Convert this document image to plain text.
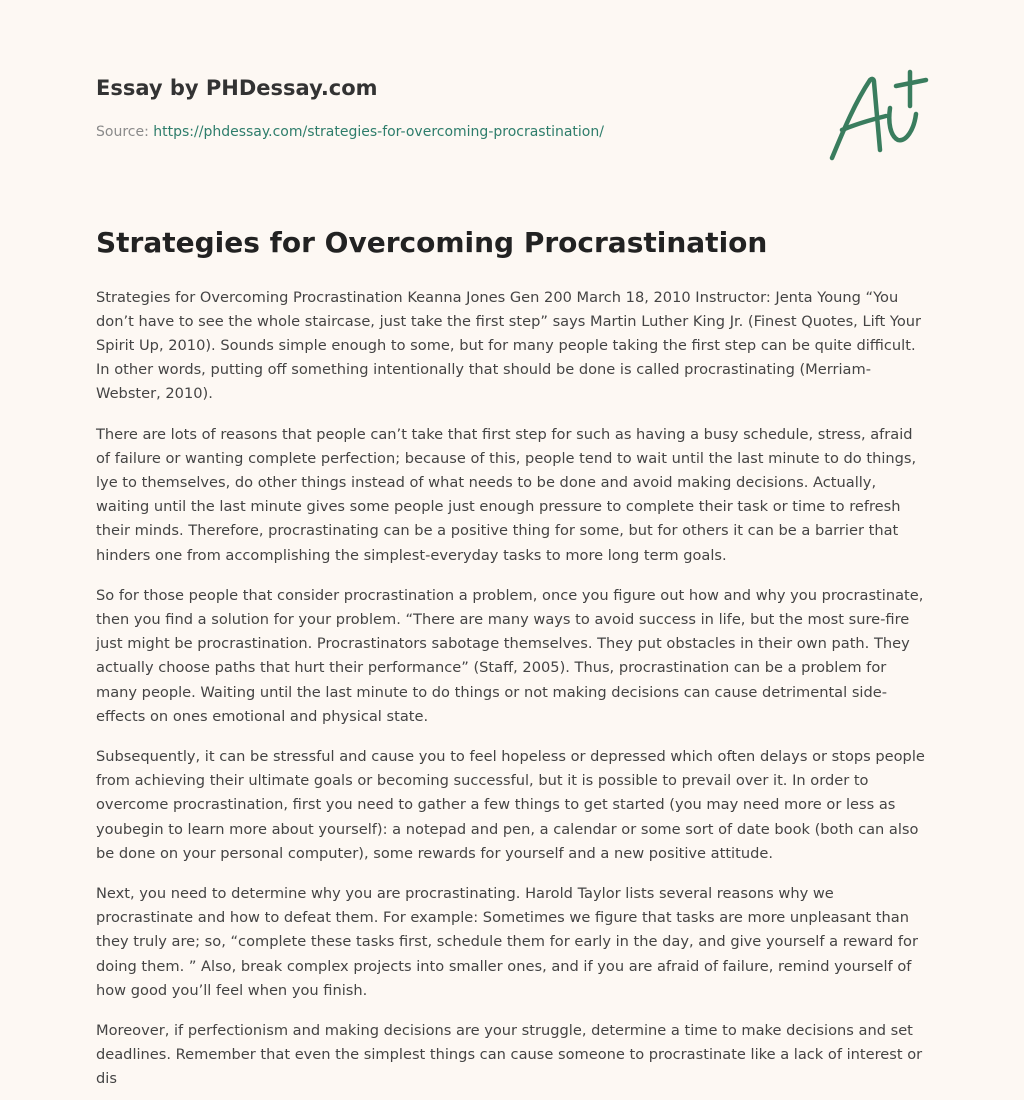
Essay by PHDessay.com
Source: https://phdessay.com/strategies-for-overcoming-procrastination/
Strategies for Overcoming Procrastination

Strategies for Overcoming Procrastination Keanna Jones Gen 200 March 18, 2010 Instructor: Jenta Young “You don’t have to see the whole staircase, just take the first step” says Martin Luther King Jr. (Finest Quotes, Lift Your Spirit Up, 2010). Sounds simple enough to some, but for many people taking the first step can be quite difficult. In other words, putting off something intentionally that should be done is called procrastinating (Merriam-Webster, 2010).

There are lots of reasons that people can’t take that first step for such as having a busy schedule, stress, afraid of failure or wanting complete perfection; because of this, people tend to wait until the last minute to do things, lye to themselves, do other things instead of what needs to be done and avoid making decisions. Actually, waiting until the last minute gives some people just enough pressure to complete their task or time to refresh their minds. Therefore, procrastinating can be a positive thing for some, but for others it can be a barrier that hinders one from accomplishing the simplest-everyday tasks to more long term goals.

So for those people that consider procrastination a problem, once you figure out how and why you procrastinate, then you find a solution for your problem. “There are many ways to avoid success in life, but the most sure-fire just might be procrastination. Procrastinators sabotage themselves. They put obstacles in their own path. They actually choose paths that hurt their performance” (Staff, 2005). Thus, procrastination can be a problem for many people. Waiting until the last minute to do things or not making decisions can cause detrimental side-effects on ones emotional and physical state.

Subsequently, it can be stressful and cause you to feel hopeless or depressed which often delays or stops people from achieving their ultimate goals or becoming successful, but it is possible to prevail over it. In order to overcome procrastination, first you need to gather a few things to get started (you may need more or less as youbegin to learn more about yourself): a notepad and pen, a calendar or some sort of date book (both can also be done on your personal computer), some rewards for yourself and a new positive attitude.

Next, you need to determine why you are procrastinating. Harold Taylor lists several reasons why we procrastinate and how to defeat them. For example: Sometimes we figure that tasks are more unpleasant than they truly are; so, “complete these tasks first, schedule them for early in the day, and give yourself a reward for doing them. ” Also, break complex projects into smaller ones, and if you are afraid of failure, remind yourself of how good you’ll feel when you finish.

Moreover, if perfectionism and making decisions are your struggle, determine a time to make decisions and set deadlines. Remember that even the simplest things can cause someone to procrastinate like a lack of interest or dis
